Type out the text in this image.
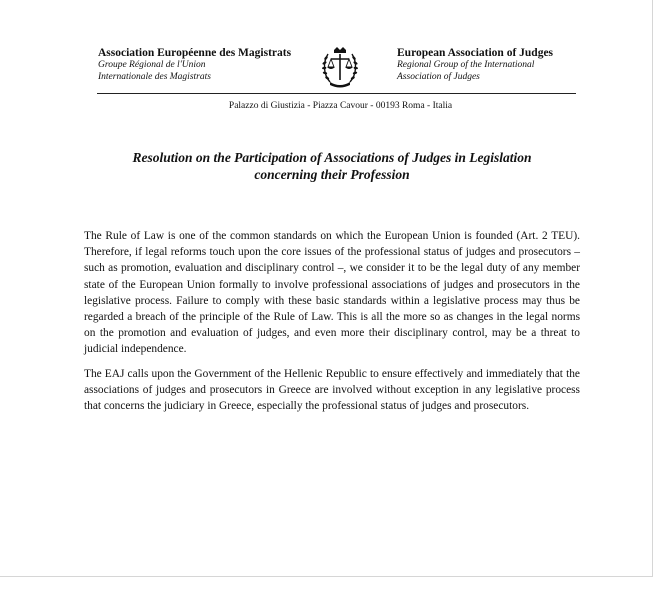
Association Européenne des Magistrats
Groupe Régional de l'Union
Internationale des Magistrats
European Association of Judges
Regional Group of the International
Association of Judges
Palazzo di Giustizia - Piazza Cavour - 00193 Roma - Italia
Resolution on the Participation of Associations of Judges in Legislation
concerning their Profession

The Rule of Law is one of the common standards on which the European Union is founded (Art. 2 TEU). Therefore, if legal reforms touch upon the core issues of the professional status of judges and prosecutors – such as promotion, evaluation and disciplinary control –, we consider it to be the legal duty of any member state of the European Union formally to involve professional associations of judges and prosecutors in the legislative process. Failure to comply with these basic standards within a legislative process may thus be regarded a breach of the principle of the Rule of Law. This is all the more so as changes in the legal norms on the promotion and evaluation of judges, and even more their disciplinary control, may be a threat to judicial independence.

The EAJ calls upon the Government of the Hellenic Republic to ensure effectively and immediately that the associations of judges and prosecutors in Greece are involved without exception in any legislative process that concerns the judiciary in Greece, especially the professional status of judges and prosecutors.
